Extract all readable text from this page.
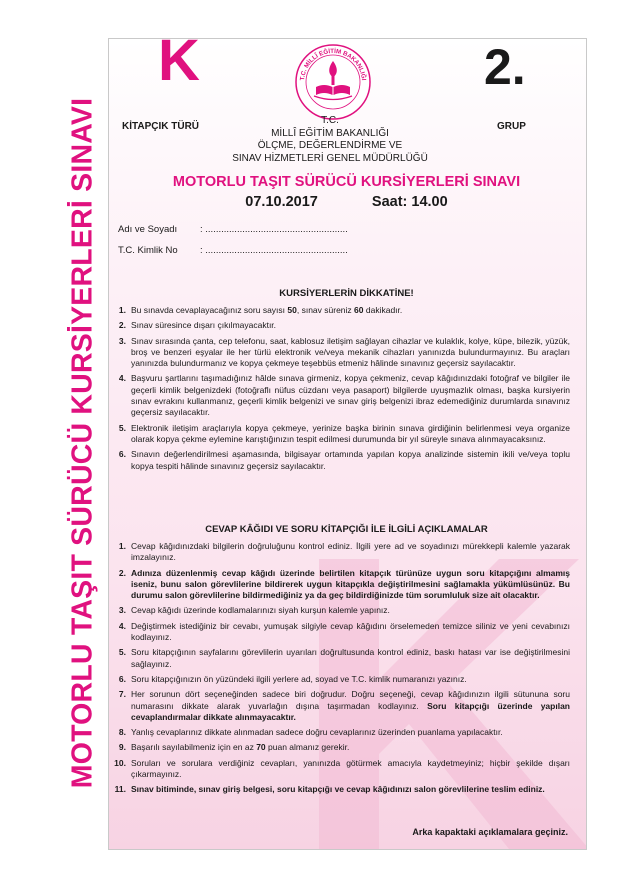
MOTORLU TAŞIT SÜRÜCÜ KURSİYERLERİ SINAVI
K
KİTAPÇIK TÜRÜ
T.C. MİLLÎ EĞİTİM BAKANLIĞI
T.C.
MİLLÎ EĞİTİM BAKANLIĞI
ÖLÇME, DEĞERLENDİRME VE
SINAV HİZMETLERİ GENEL MÜDÜRLÜĞÜ
2.
GRUP
MOTORLU TAŞIT SÜRÜCÜ KURSİYERLERİ SINAVI
07.10.2017	Saat: 14.00
Adı ve Soyadı	: ......................................................
T.C. Kimlik No	: ......................................................
KURSİYERLERİN DİKKATİNE!
1. Bu sınavda cevaplayacağınız soru sayısı 50, sınav süreniz 60 dakikadır.
2. Sınav süresince dışarı çıkılmayacaktır.
3. Sınav sırasında çanta, cep telefonu, saat, kablosuz iletişim sağlayan cihazlar ve kulaklık, kolye, küpe, bilezik, yüzük, broş ve benzeri eşyalar ile her türlü elektronik ve/veya mekanik cihazları yanınızda bulundurmayınız. Bu araçları yanınızda bulundurmanız ve kopya çekmeye teşebbüs etmeniz hâlinde sınavınız geçersiz sayılacaktır.
4. Başvuru şartlarını taşımadığınız hâlde sınava girmeniz, kopya çekmeniz, cevap kâğıdınızdaki fotoğraf ve bilgiler ile geçerli kimlik belgenizdeki (fotoğraflı nüfus cüzdanı veya pasaport) bilgilerde uyuşmazlık olması, başka kursiyerin sınav evrakını kullanmanız, geçerli kimlik belgenizi ve sınav giriş belgenizi ibraz edemediğiniz durumlarda sınavınız geçersiz sayılacaktır.
5. Elektronik iletişim araçlarıyla kopya çekmeye, yerinize başka birinin sınava girdiğinin belirlenmesi veya organize olarak kopya çekme eylemine karıştığınızın tespit edilmesi durumunda bir yıl süreyle sınava alınmayacaksınız.
6. Sınavın değerlendirilmesi aşamasında, bilgisayar ortamında yapılan kopya analizinde sistemin ikili ve/veya toplu kopya tespiti hâlinde sınavınız geçersiz sayılacaktır.
CEVAP KÂĞIDI VE SORU KİTAPÇIĞI İLE İLGİLİ AÇIKLAMALAR
1. Cevap kâğıdınızdaki bilgilerin doğruluğunu kontrol ediniz. İlgili yere ad ve soyadınızı mürekkepli kalemle yazarak imzalayınız.
2. Adınıza düzenlenmiş cevap kâğıdı üzerinde belirtilen kitapçık türünüze uygun soru kitapçığını almamış iseniz, bunu salon görevlilerine bildirerek uygun kitapçıkla değiştirilmesini sağlamakla yükümlüsünüz. Bu durumu salon görevlilerine bildirmediğiniz ya da geç bildirdiğinizde tüm sorumluluk size ait olacaktır.
3. Cevap kâğıdı üzerinde kodlamalarınızı siyah kurşun kalemle yapınız.
4. Değiştirmek istediğiniz bir cevabı, yumuşak silgiyle cevap kâğıdını örselemeden temizce siliniz ve yeni cevabınızı kodlayınız.
5. Soru kitapçığının sayfalarını görevlilerin uyarıları doğrultusunda kontrol ediniz, baskı hatası var ise değiştirilmesini sağlayınız.
6. Soru kitapçığınızın ön yüzündeki ilgili yerlere ad, soyad ve T.C. kimlik numaranızı yazınız.
7. Her sorunun dört seçeneğinden sadece biri doğrudur. Doğru seçeneği, cevap kâğıdınızın ilgili sütununa soru numarasını dikkate alarak yuvarlağın dışına taşırmadan kodlayınız. Soru kitapçığı üzerinde yapılan cevaplandırmalar dikkate alınmayacaktır.
8. Yanlış cevaplarınız dikkate alınmadan sadece doğru cevaplarınız üzerinden puanlama yapılacaktır.
9. Başarılı sayılabilmeniz için en az 70 puan almanız gerekir.
10. Soruları ve sorulara verdiğiniz cevapları, yanınızda götürmek amacıyla kaydetmeyiniz; hiçbir şekilde dışarı çıkarmayınız.
11. Sınav bitiminde, sınav giriş belgesi, soru kitapçığı ve cevap kâğıdınızı salon görevlilerine teslim ediniz.
Arka kapaktaki açıklamalara geçiniz.
